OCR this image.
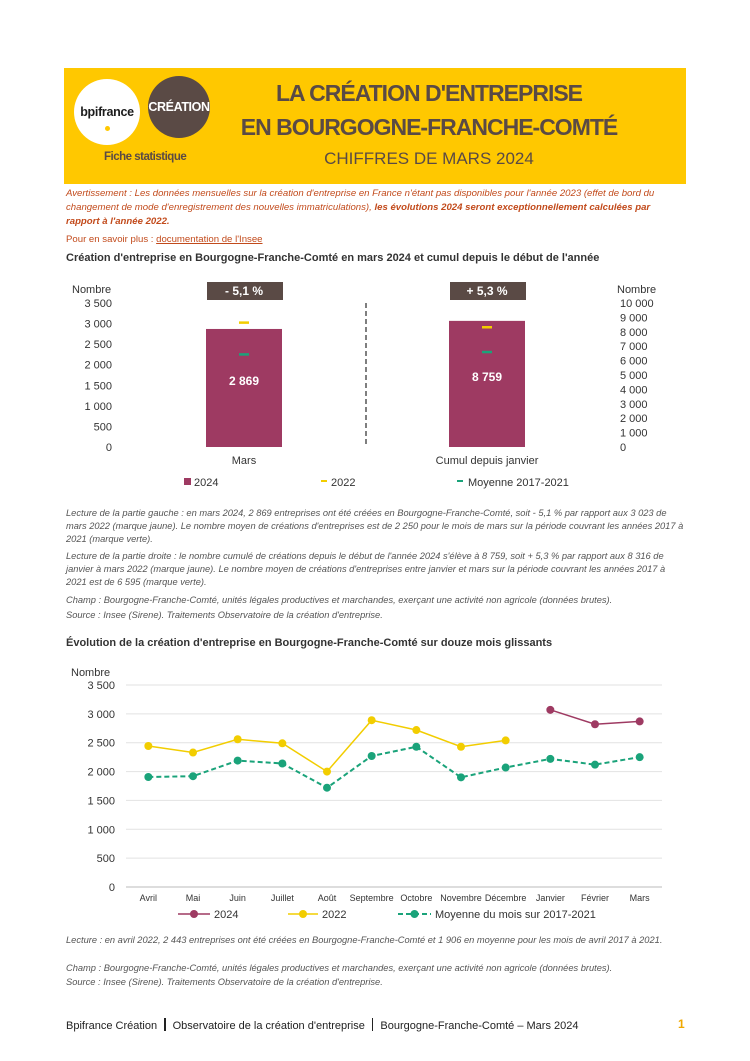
bpifrance CRÉATION
Fiche statistique
LA CRÉATION D'ENTREPRISE
EN BOURGOGNE-FRANCHE-COMTÉ
CHIFFRES DE MARS 2024
Avertissement : Les données mensuelles sur la création d'entreprise en France n'étant pas disponibles pour l'année 2023 (effet de bord du changement de mode d'enregistrement des nouvelles immatriculations), les évolutions 2024 seront exceptionnellement calculées par rapport à l'année 2022.
Pour en savoir plus : documentation de l'Insee
Création d'entreprise en Bourgogne-Franche-Comté en mars 2024 et cumul depuis le début de l'année
Nombre	Nombre
0
500
1 000
1 500
2 000
2 500
3 000
3 500
0
1 000
2 000
3 000
4 000
5 000
6 000
7 000
8 000
9 000
10 000
2 869
- 5,1 %
Mars
8 759
+ 5,3 %
Cumul depuis janvier
2024	2022	Moyenne 2017-2021
Lecture de la partie gauche : en mars 2024, 2 869 entreprises ont été créées en Bourgogne-Franche-Comté, soit - 5,1 % par rapport aux 3 023 de mars 2022 (marque jaune). Le nombre moyen de créations d'entreprises est de 2 250 pour le mois de mars sur la période couvrant les années 2017 à 2021 (marque verte).
Lecture de la partie droite : le nombre cumulé de créations depuis le début de l'année 2024 s'élève à 8 759, soit + 5,3 % par rapport aux 8 316 de janvier à mars 2022 (marque jaune). Le nombre moyen de créations d'entreprises entre janvier et mars sur la période couvrant les années 2017 à 2021 est de 6 595 (marque verte).
Champ : Bourgogne-Franche-Comté, unités légales productives et marchandes, exerçant une activité non agricole (données brutes).
Source : Insee (Sirene). Traitements Observatoire de la création d'entreprise.
Évolution de la création d'entreprise en Bourgogne-Franche-Comté sur douze mois glissants
Nombre
0
500
1 000
1 500
2 000
2 500
3 000
3 500
Avril	Mai	Juin	Juillet	Août Septembre Octobre Novembre Décembre Janvier Février Mars
2024	2022	Moyenne du mois sur 2017-2021
Lecture : en avril 2022, 2 443 entreprises ont été créées en Bourgogne-Franche-Comté et 1 906 en moyenne pour les mois de avril 2017 à 2021.
Champ : Bourgogne-Franche-Comté, unités légales productives et marchandes, exerçant une activité non agricole (données brutes).
Source : Insee (Sirene). Traitements Observatoire de la création d'entreprise.
Bpifrance Création Observatoire de la création d'entreprise Bourgogne-Franche-Comté – Mars 2024	1
